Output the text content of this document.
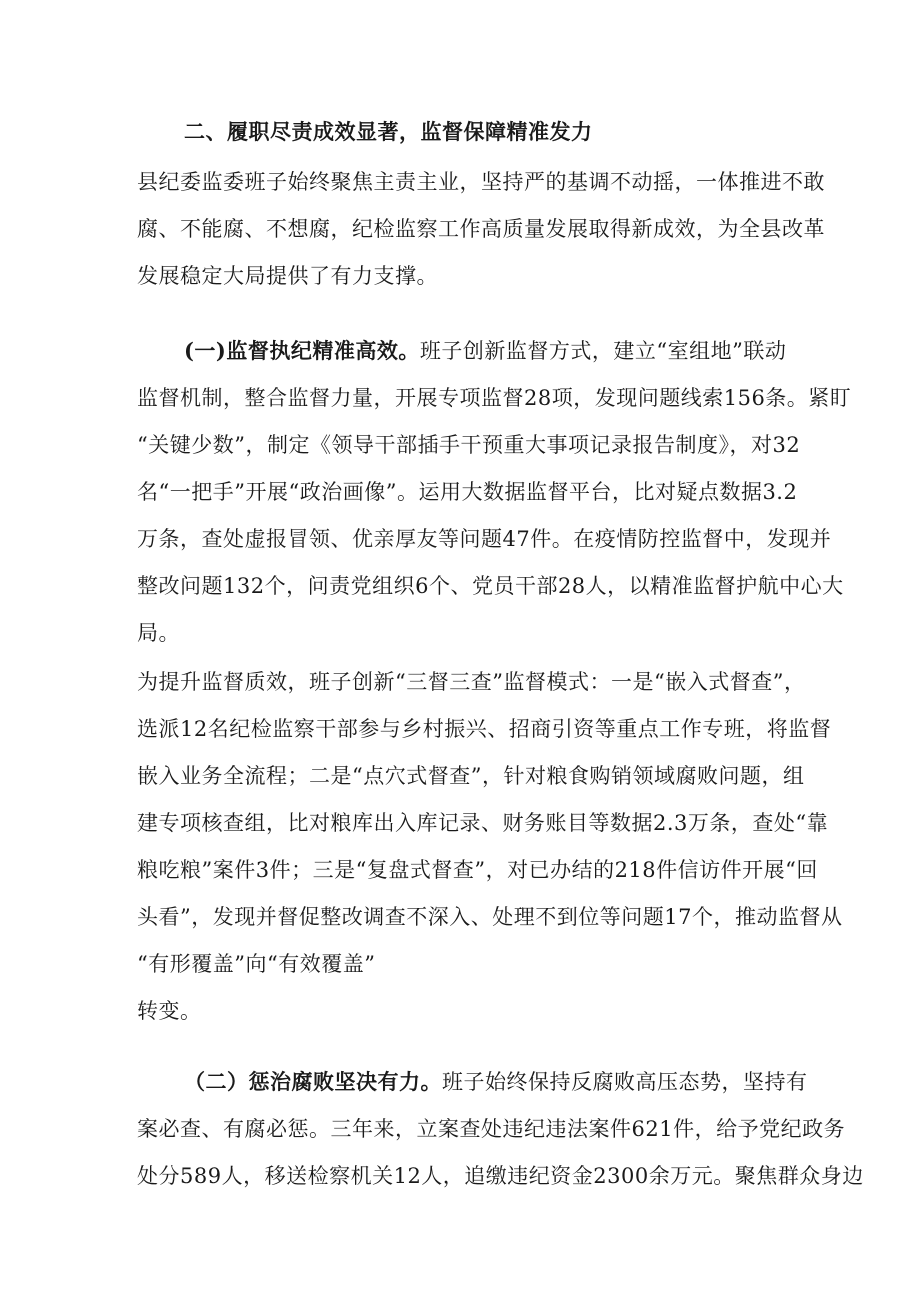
二、履职尽责成效显著，监督保障精准发力
县纪委监委班子始终聚焦主责主业，坚持严的基调不动摇，一体推进不敢
腐、不能腐、不想腐，纪检监察工作高质量发展取得新成效，为全县改革
发展稳定大局提供了有力支撑。
(一)监督执纪精准高效。班子创新监督方式，建立“室组地”联动
监督机制，整合监督力量，开展专项监督28项，发现问题线索156条。紧盯
“关键少数”，制定《领导干部插手干预重大事项记录报告制度》，对32
名“一把手”开展“政治画像”。运用大数据监督平台，比对疑点数据3.2
万条，查处虚报冒领、优亲厚友等问题47件。在疫情防控监督中，发现并
整改问题132个，问责党组织6个、党员干部28人，以精准监督护航中心大
局。
为提升监督质效，班子创新“三督三查”监督模式：一是“嵌入式督查”，
选派12名纪检监察干部参与乡村振兴、招商引资等重点工作专班，将监督
嵌入业务全流程；二是“点穴式督查”，针对粮食购销领域腐败问题，组
建专项核查组，比对粮库出入库记录、财务账目等数据2.3万条，查处“靠
粮吃粮”案件3件；三是“复盘式督查”，对已办结的218件信访件开展“回
头看”，发现并督促整改调查不深入、处理不到位等问题17个，推动监督从
“有形覆盖”向“有效覆盖”
转变。
（二）惩治腐败坚决有力。班子始终保持反腐败高压态势，坚持有
案必查、有腐必惩。三年来，立案查处违纪违法案件621件，给予党纪政务
处分589人，移送检察机关12人，追缴违纪资金2300余万元。聚焦群众身边
